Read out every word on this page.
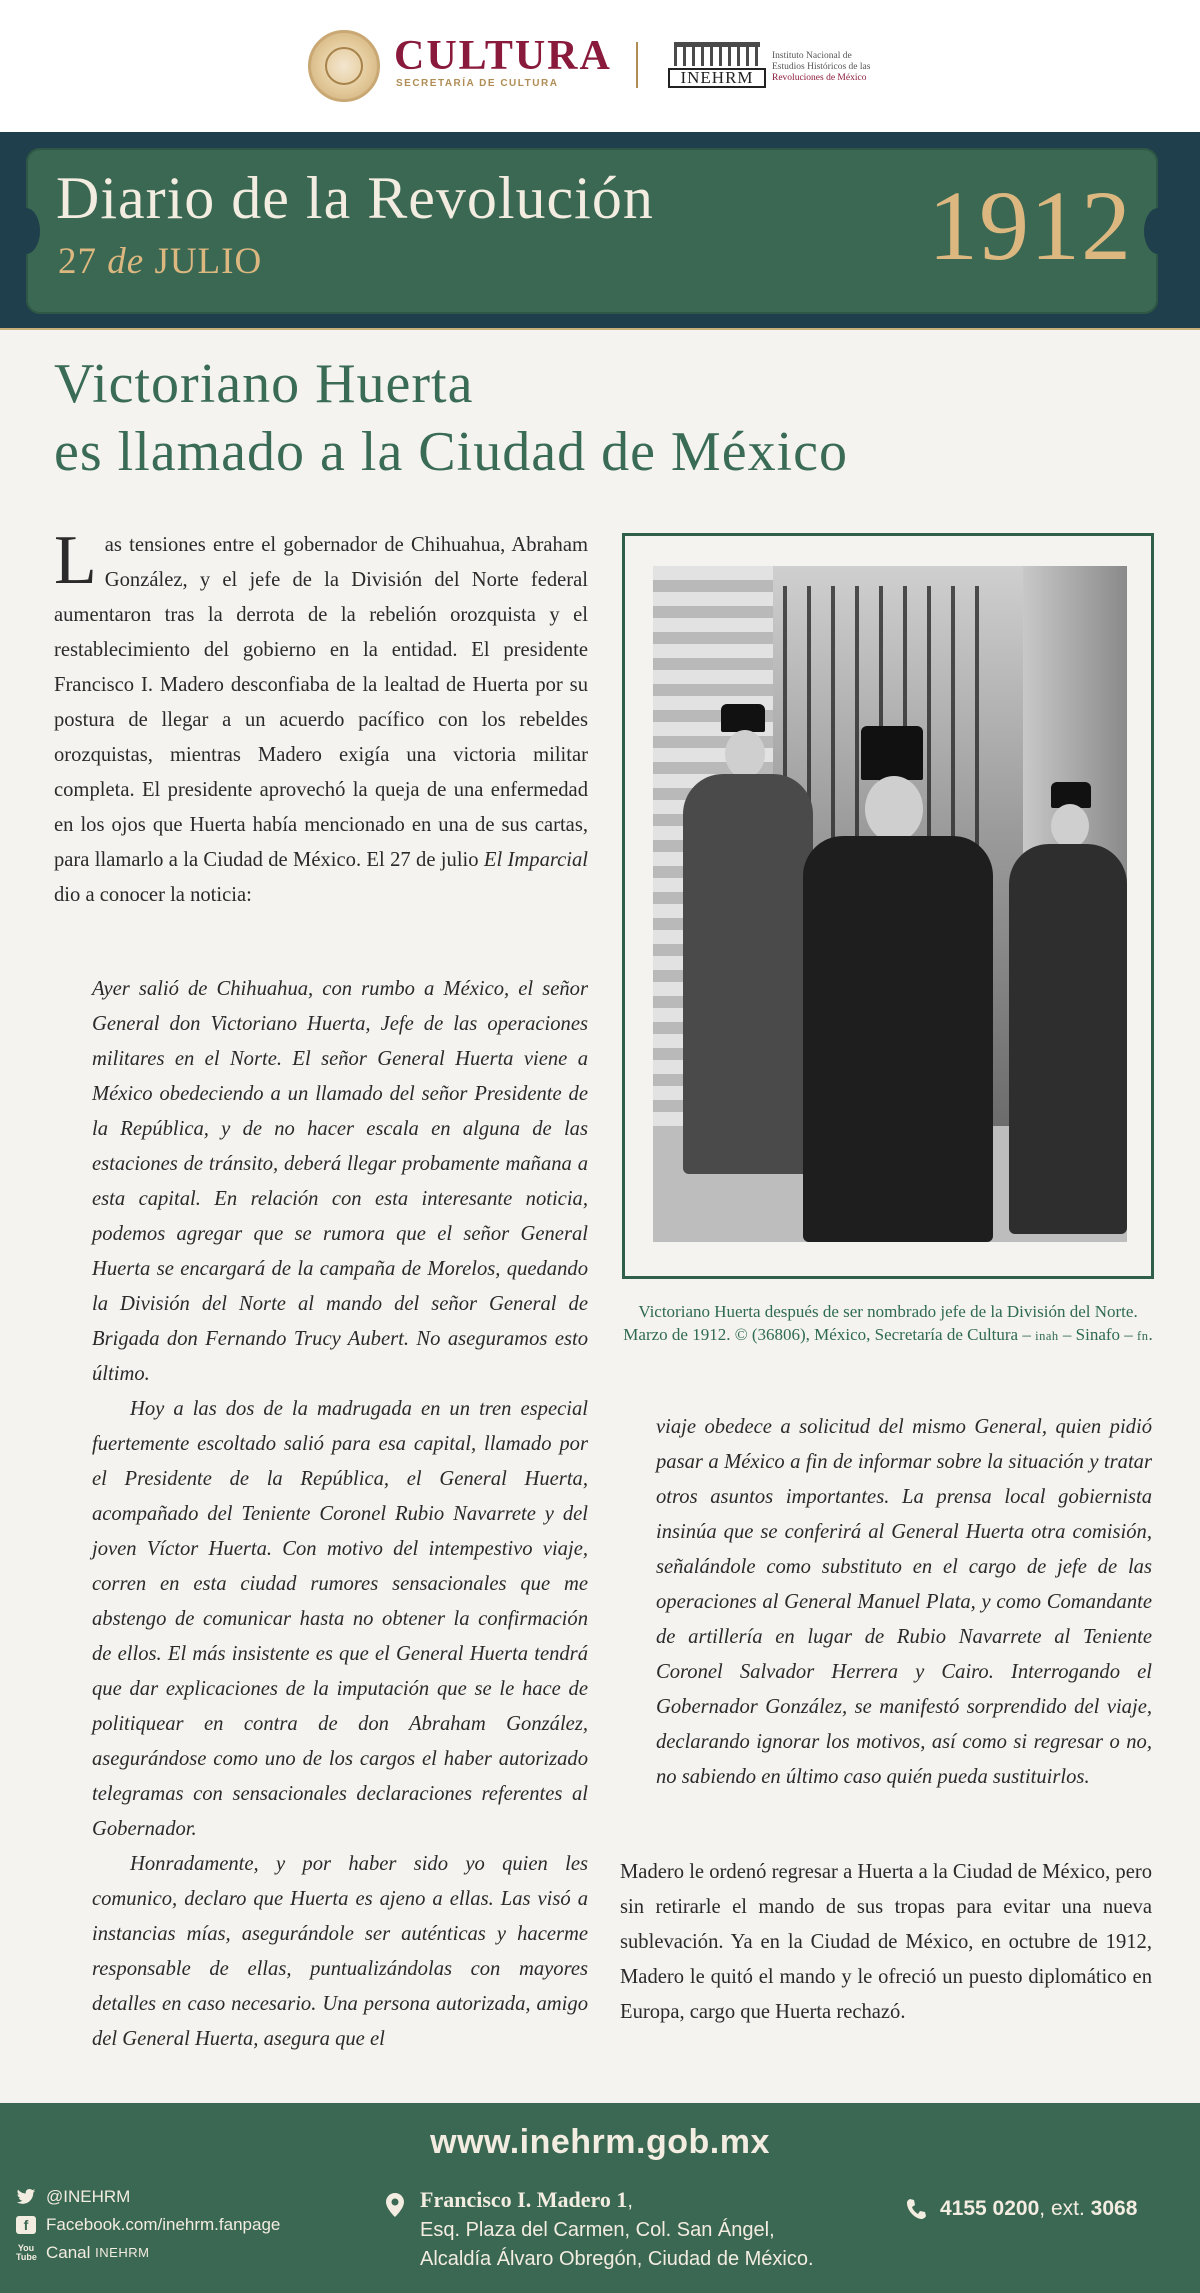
CULTURA
SECRETARÍA DE CULTURA	INEHRM
Instituto Nacional de
Estudios Históricos de las
Revoluciones de México
Diario de la Revolución
27 de JULIO	1912
Victoriano Huerta
es llamado a la Ciudad de México
Las tensiones entre el gobernador de Chihuahua, Abraham González, y el jefe de la División del Norte federal aumentaron tras la derrota de la rebelión orozquista y el restablecimiento del gobierno en la entidad. El presidente Francisco I. Madero desconfiaba de la lealtad de Huerta por su postura de llegar a un acuerdo pacífico con los rebeldes orozquistas, mientras Madero exigía una victoria militar completa. El presidente aprovechó la queja de una enfermedad en los ojos que Huerta había mencionado en una de sus cartas, para llamarlo a la Ciudad de México. El 27 de julio El Imparcial dio a conocer la noticia:

Ayer salió de Chihuahua, con rumbo a México, el señor General don Victoriano Huerta, Jefe de las operaciones militares en el Norte. El señor General Huerta viene a México obedeciendo a un llamado del señor Presidente de la República, y de no hacer escala en alguna de las estaciones de tránsito, deberá llegar probamente mañana a esta capital. En relación con esta interesante noticia, podemos agregar que se rumora que el señor General Huerta se encargará de la campaña de Morelos, quedando la División del Norte al mando del señor General de Brigada don Fernando Trucy Aubert. No aseguramos esto último.

Hoy a las dos de la madrugada en un tren especial fuertemente escoltado salió para esa capital, llamado por el Presidente de la República, el General Huerta, acompañado del Teniente Coronel Rubio Navarrete y del joven Víctor Huerta. Con motivo del intempestivo viaje, corren en esta ciudad rumores sensacionales que me abstengo de comunicar hasta no obtener la confirmación de ellos. El más insistente es que el General Huerta tendrá que dar explicaciones de la imputación que se le hace de politiquear en contra de don Abraham González, asegurándose como uno de los cargos el haber autorizado telegramas con sensacionales declaraciones referentes al Gobernador.

Honradamente, y por haber sido yo quien les comunico, declaro que Huerta es ajeno a ellas. Las visó a instancias mías, asegurándole ser auténticas y hacerme responsable de ellas, puntualizándolas con mayores detalles en caso necesario. Una persona autorizada, amigo del General Huerta, asegura que el

Victoriano Huerta después de ser nombrado jefe de la División del Norte. Marzo de 1912. © (36806), México, Secretaría de Cultura – inah – Sinafo – fn.

viaje obedece a solicitud del mismo General, quien pidió pasar a México a fin de informar sobre la situación y tratar otros asuntos importantes. La prensa local gobiernista insinúa que se conferirá al General Huerta otra comisión, señalándole como substituto en el cargo de jefe de las operaciones al General Manuel Plata, y como Comandante de artillería en lugar de Rubio Navarrete al Teniente Coronel Salvador Herrera y Cairo. Interrogando el Gobernador González, se manifestó sorprendido del viaje, declarando ignorar los motivos, así como si regresar o no, no sabiendo en último caso quién pueda sustituirlos.

Madero le ordenó regresar a Huerta a la Ciudad de México, pero sin retirarle el mando de sus tropas para evitar una nueva sublevación. Ya en la Ciudad de México, en octubre de 1912, Madero le quitó el mando y le ofreció un puesto diplomático en Europa, cargo que Huerta rechazó.
www.inehrm.gob.mx
@INEHRM
f	Facebook.com/inehrm.fanpage
You
Tube Canal
INEHRM
Francisco I. Madero 1,
Esq. Plaza del Carmen, Col. San Ángel,
Alcaldía Álvaro Obregón, Ciudad de México.
4155 0200, ext. 3068
